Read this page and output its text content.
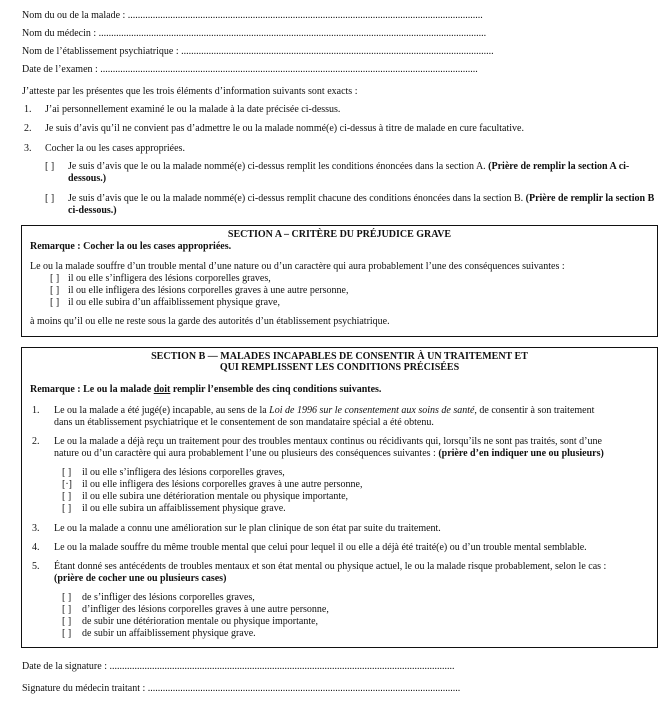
Nom du ou de la malade : ..............................................................................................................................................
Nom du médecin : ...........................................................................................................................................................
Nom de l’établissement psychiatrique : .............................................................................................................................
Date de l’examen : .......................................................................................................................................................
J’atteste par les présentes que les trois éléments d’information suivants sont exacts :
1. J’ai personnellement examiné le ou la malade à la date précisée ci-dessus.
2. Je suis d’avis qu’il ne convient pas d’admettre le ou la malade nommé(e) ci-dessus à titre de malade en cure facultative.
3. Cocher la ou les cases appropriées.
[ ] Je suis d’avis que le ou la malade nommé(e) ci-dessus remplit les conditions énoncées dans la section A. (Prière de remplir la section A ci-dessous.)
[ ] Je suis d’avis que le ou la malade nommé(e) ci-dessus remplit chacune des conditions énoncées dans la section B. (Prière de remplir la section B ci-dessous.)
SECTION A – CRITÈRE DU PRÉJUDICE GRAVE
Remarque : Cocher la ou les cases appropriées.
Le ou la malade souffre d’un trouble mental d’une nature ou d’un caractère qui aura probablement l’une des conséquences suivantes :
[ ] il ou elle s’infligera des lésions corporelles graves,
[ ] il ou elle infligera des lésions corporelles graves à une autre personne,
[ ] il ou elle subira d’un affaiblissement physique grave,
à moins qu’il ou elle ne reste sous la garde des autorités d’un établissement psychiatrique.
SECTION B — MALADES INCAPABLES DE CONSENTIR À UN TRAITEMENT ET
QUI REMPLISSENT LES CONDITIONS PRÉCISÉES
Remarque : Le ou la malade doit remplir l’ensemble des cinq conditions suivantes.
1. Le ou la malade a été jugé(e) incapable, au sens de la Loi de 1996 sur le consentement aux soins de santé, de consentir à son traitement
dans un établissement psychiatrique et le consentement de son mandataire spécial a été obtenu.
2. Le ou la malade a déjà reçu un traitement pour des troubles mentaux continus ou récidivants qui, lorsqu’ils ne sont pas traités, sont d’une
nature ou d’un caractère qui aura probablement l’une ou plusieurs des conséquences suivantes : (prière d’en indiquer une ou plusieurs)
[ ] il ou elle s’infligera des lésions corporelles graves,
[·] il ou elle infligera des lésions corporelles graves à une autre personne,
[ ] il ou elle subira une détérioration mentale ou physique importante,
[ ] il ou elle subira un affaiblissement physique grave.
3. Le ou la malade a connu une amélioration sur le plan clinique de son état par suite du traitement.
4. Le ou la malade souffre du même trouble mental que celui pour lequel il ou elle a déjà été traité(e) ou d’un trouble mental semblable.
5. Étant donné ses antécédents de troubles mentaux et son état mental ou physique actuel, le ou la malade risque probablement, selon le cas :
(prière de cocher une ou plusieurs cases)
[ ] de s’infliger des lésions corporelles graves,
[ ] d’infliger des lésions corporelles graves à une autre personne,
[ ] de subir une détérioration mentale ou physique importante,
[ ] de subir un affaiblissement physique grave.
Date de la signature : ..........................................................................................................................................
Signature du médecin traitant : .............................................................................................................................
